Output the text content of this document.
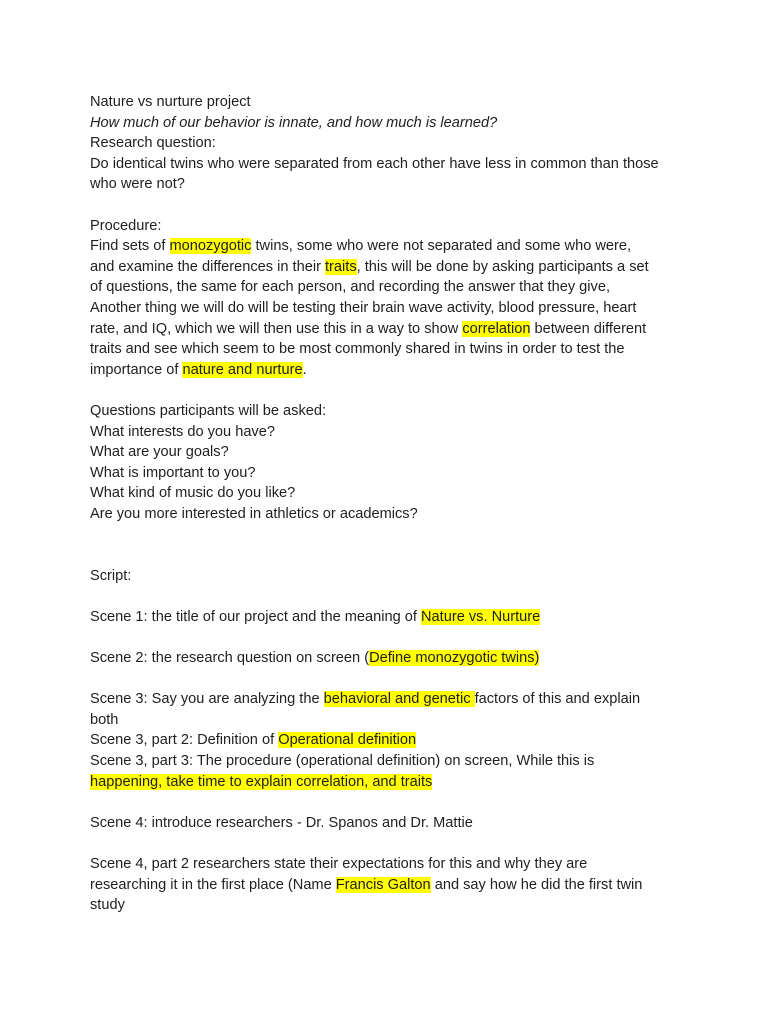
Nature vs nurture project
How much of our behavior is innate, and how much is learned?
Research question:
Do identical twins who were separated from each other have less in common than those
who were not?
Procedure:
Find sets of monozygotic twins, some who were not separated and some who were,
and examine the differences in their traits, this will be done by asking participants a set
of questions, the same for each person, and recording the answer that they give,
Another thing we will do will be testing their brain wave activity, blood pressure, heart
rate, and IQ, which we will then use this in a way to show correlation between different
traits and see which seem to be most commonly shared in twins in order to test the
importance of nature and nurture.
Questions participants will be asked:
What interests do you have?
What are your goals?
What is important to you?
What kind of music do you like?
Are you more interested in athletics or academics?
Script:
Scene 1: the title of our project and the meaning of Nature vs. Nurture
Scene 2: the research question on screen (Define monozygotic twins)
Scene 3: Say you are analyzing the behavioral and genetic factors of this and explain
both
Scene 3, part 2: Definition of Operational definition
Scene 3, part 3: The procedure (operational definition) on screen, While this is
happening, take time to explain correlation, and traits
Scene 4: introduce researchers - Dr. Spanos and Dr. Mattie
Scene 4, part 2 researchers state their expectations for this and why they are
researching it in the first place (Name Francis Galton and say how he did the first twin
study
